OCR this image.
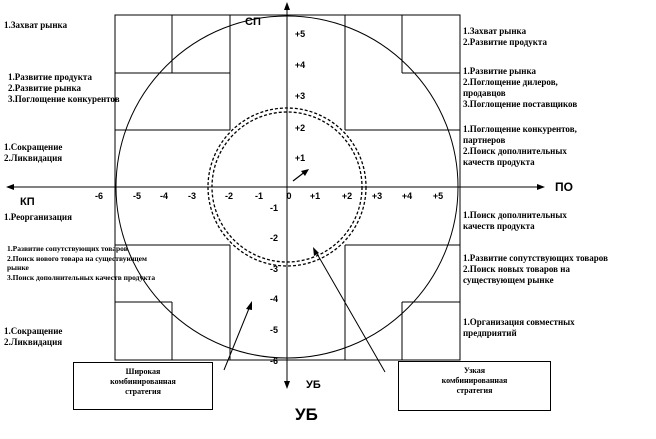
-6	-5 -4 -3	-2 -1	0 +1 +2 +3 +4 +5
+1
+2
+3
+4
+5
-1
-2
-3
-4
-5
-6
СП
ПО
КП
УБ
УБ
1.Захват рынка
1.Развитие продукта
2.Развитие рынка
3.Поглощение конкурентов
1.Сокращение
2.Ликвидация
1.Реорганизация
1.Развитие сопутствующих товаров
2.Поиск нового товара на существующем
рынке
3.Поиск дополнительных качеств продукта
1.Сокращение
2.Ликвидация
1.Захват рынка
2.Развитие продукта
1.Развитие рынка
2.Поглощение дилеров,
продавцов
3.Поглощение поставщиков
1.Поглощение конкурентов,
партнеров
2.Поиск дополнительных
качеств продукта
1.Поиск дополнительных
качеств продукта
1.Развитие сопутствующих товаров
2.Поиск новых товаров на
существующем рынке
1.Организация совместных
предприятий
Широкая
комбинированная
стратегия
Узкая
комбинированная
стратегия
